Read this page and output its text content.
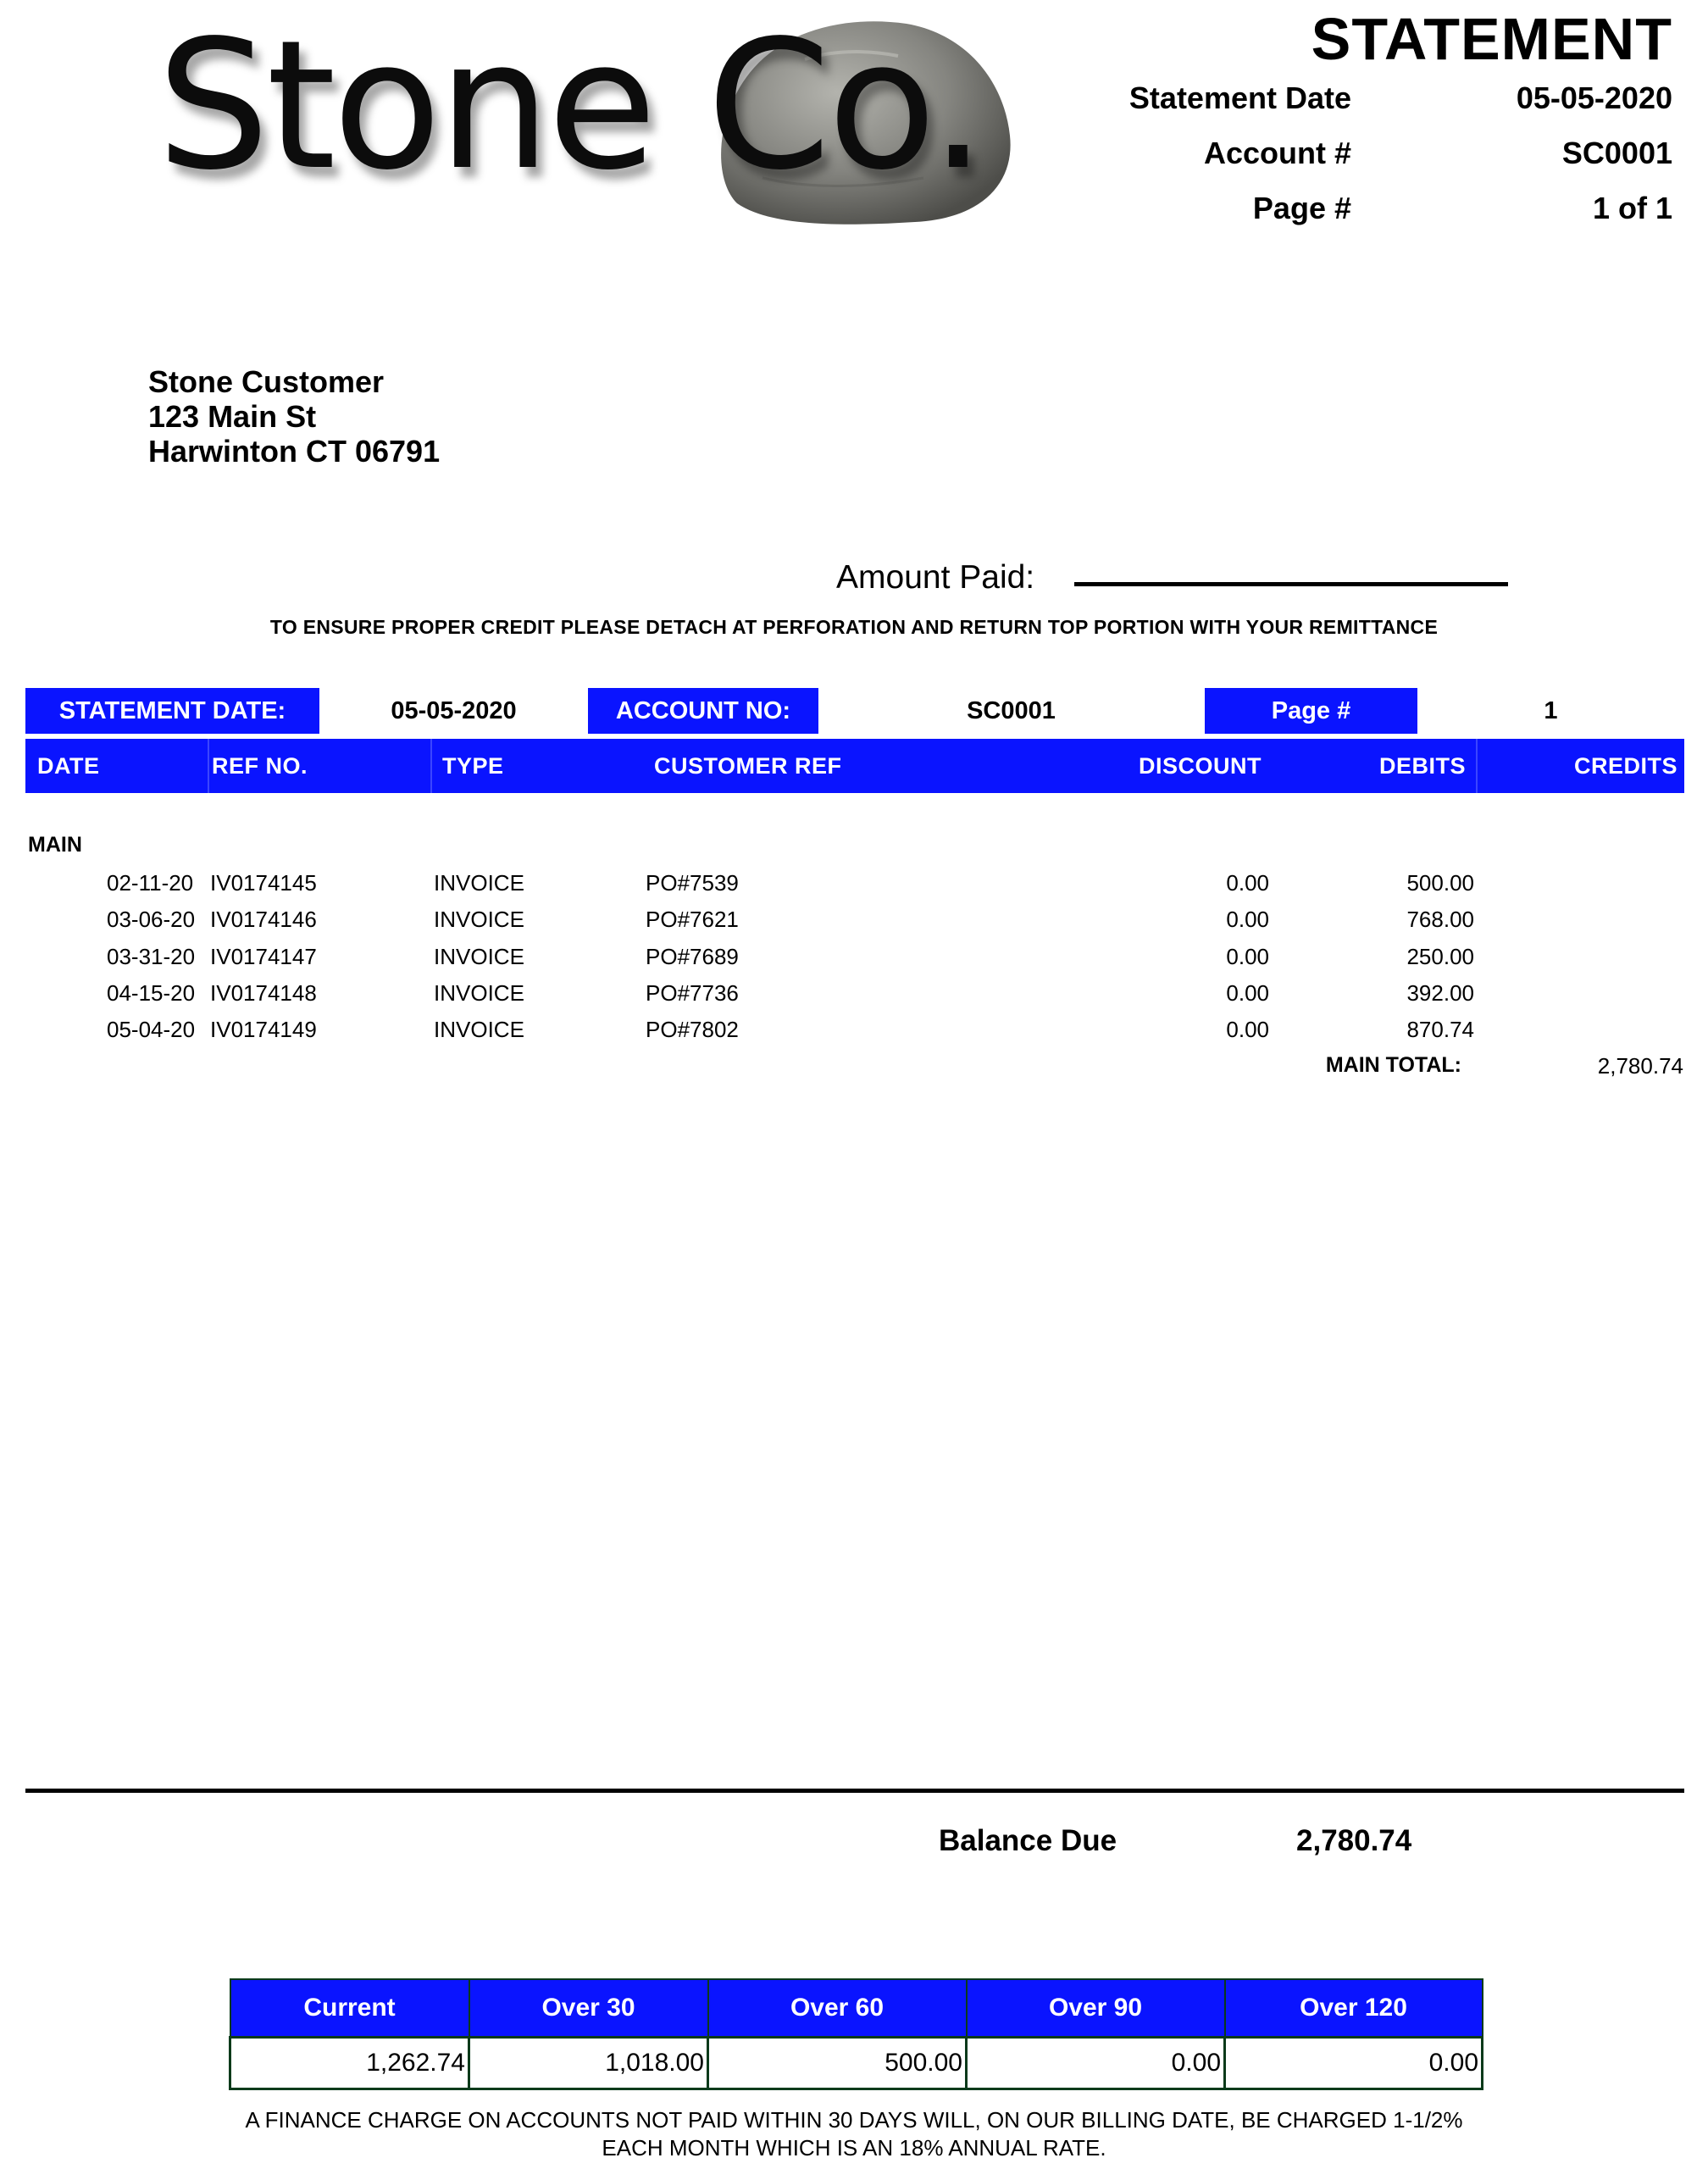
Stone Co.	STATEMENT
Statement Date	05-05-2020
Account #	SC0001
Page #	1 of 1
Stone Customer
123 Main St
Harwinton CT 06791
Amount Paid:
TO ENSURE PROPER CREDIT PLEASE DETACH AT PERFORATION AND RETURN TOP PORTION WITH YOUR REMITTANCE
STATEMENT DATE:	05-05-2020	ACCOUNT NO:	SC0001	Page #	1
DATE	REF NO.	TYPE	CUSTOMER REF	DISCOUNT	DEBITS	CREDITS
MAIN
02-11-20 IV0174145	INVOICE	PO#7539	0.00	500.00
03-06-20 IV0174146	INVOICE	PO#7621	0.00	768.00
03-31-20 IV0174147	INVOICE	PO#7689	0.00	250.00
04-15-20 IV0174148	INVOICE	PO#7736	0.00	392.00
05-04-20 IV0174149	INVOICE	PO#7802	0.00	870.74
MAIN TOTAL:	2,780.74
Balance Due	2,780.74
Current	Over 30	Over 60	Over 90	Over 120
1,262.74	1,018.00	500.00	0.00	0.00
A FINANCE CHARGE ON ACCOUNTS NOT PAID WITHIN 30 DAYS WILL, ON OUR BILLING DATE, BE CHARGED 1-1/2%
EACH MONTH WHICH IS AN 18% ANNUAL RATE.
